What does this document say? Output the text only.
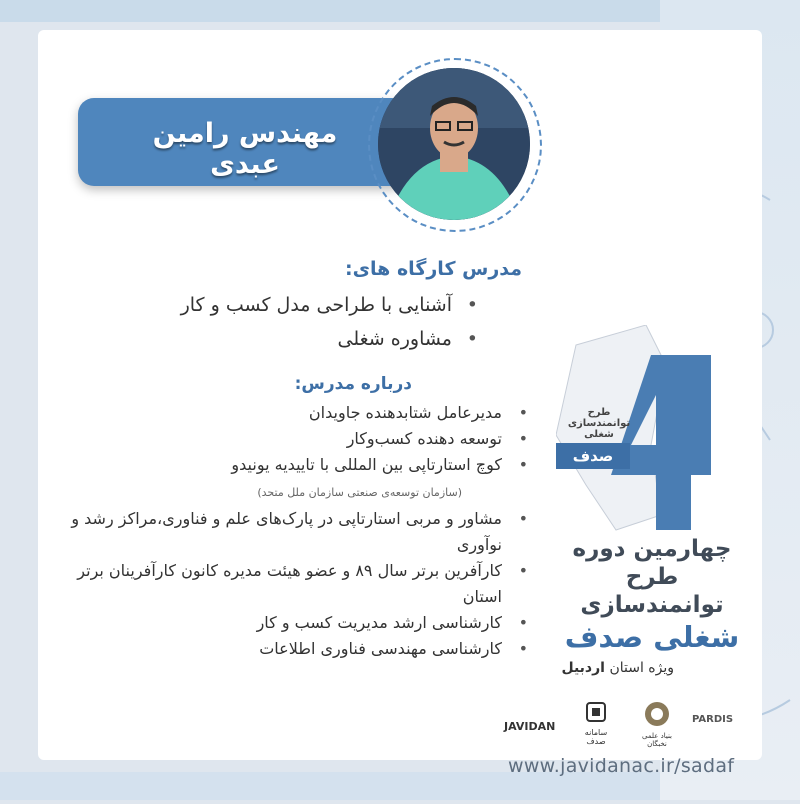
مهندس رامین عبدی
مدرس کارگاه های:
• آشنایی با طراحی مدل کسب و کار
• مشاوره شغلی
درباره مدرس:
• مدیرعامل شتابدهنده جاویدان
• توسعه دهنده کسب‌وکار
• کوچ استارتاپی بین المللی با تاییدیه یونیدو
(سازمان توسعه‌ی صنعتی سازمان ملل متحد)
• مشاور و مربی استارتاپی در پارک‌های علم و فناوری،مراکز رشد و نوآوری
• کارآفرین برتر سال ۸۹ و عضو هیئت مدیره کانون کارآفرینان برتر استان
• کارشناسی ارشد مدیریت کسب و کار
• کارشناسی مهندسی فناوری اطلاعات
طرح
توانمندسازی شغلی
صدف
چهارمین دوره طرح
توانمندسازی
شغلی صدف
ویژه استان اردبیل
JAVIDAN	سامانه صدف
بنیاد علمی نخبگان
PARDIS
www.javidanac.ir/sadaf
